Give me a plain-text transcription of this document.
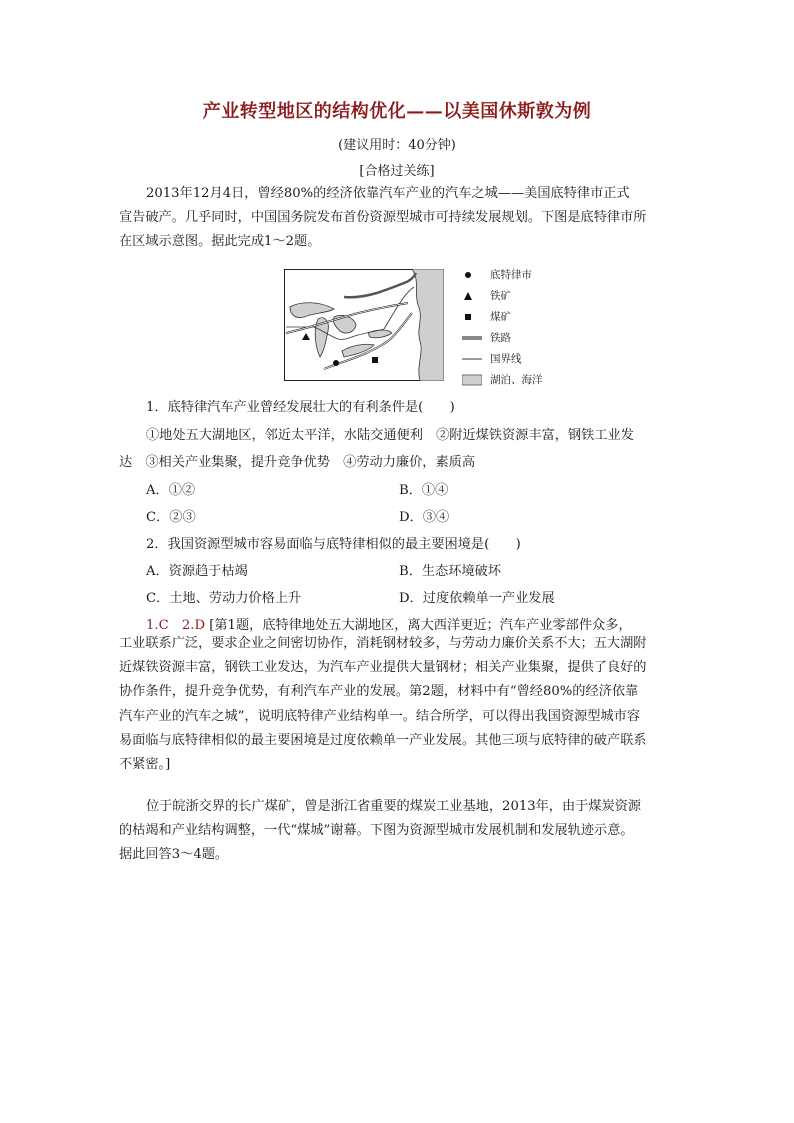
产业转型地区的结构优化——以美国休斯敦为例
(建议用时：40分钟)
[合格过关练]
2013年12月4日，曾经80%的经济依靠汽车产业的汽车之城——美国底特律市正式
宣告破产。几乎同时，中国国务院发布首份资源型城市可持续发展规划。下图是底特律市所
在区域示意图。据此完成1～2题。
底特律市
铁矿
煤矿
铁路
国界线
湖泊、海洋
1．底特律汽车产业曾经发展壮大的有利条件是(　　)
①地处五大湖地区，邻近太平洋，水陆交通便利　②附近煤铁资源丰富，钢铁工业发
达　③相关产业集聚，提升竞争优势　④劳动力廉价，素质高
A．①②	B．①④
C．②③	D．③④
2．我国资源型城市容易面临与底特律相似的最主要困境是(　　)
A．资源趋于枯竭	B．生态环境破坏
C．土地、劳动力价格上升	D．过度依赖单一产业发展
1.C　2.D [第1题，底特律地处五大湖地区，离大西洋更近；汽车产业零部件众多，
工业联系广泛，要求企业之间密切协作，消耗钢材较多，与劳动力廉价关系不大；五大湖附
近煤铁资源丰富，钢铁工业发达，为汽车产业提供大量钢材；相关产业集聚，提供了良好的
协作条件，提升竞争优势，有利汽车产业的发展。第2题，材料中有“曾经80%的经济依靠
汽车产业的汽车之城”，说明底特律产业结构单一。结合所学，可以得出我国资源型城市容
易面临与底特律相似的最主要困境是过度依赖单一产业发展。其他三项与底特律的破产联系
不紧密。]
位于皖浙交界的长广煤矿，曾是浙江省重要的煤炭工业基地，2013年，由于煤炭资源
的枯竭和产业结构调整，一代“煤城”谢幕。下图为资源型城市发展机制和发展轨迹示意。
据此回答3～4题。
